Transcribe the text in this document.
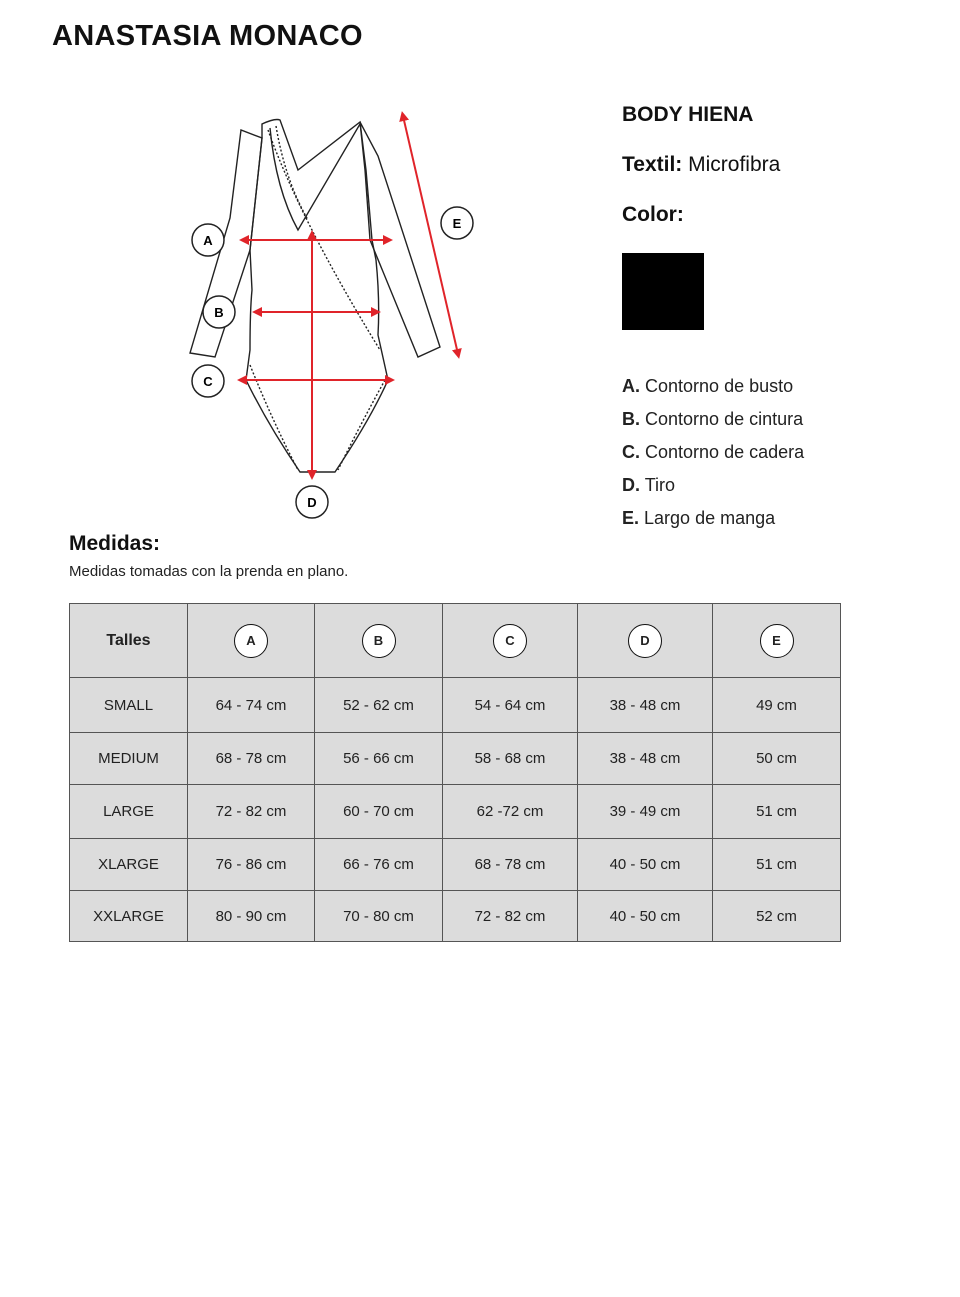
ANASTASIA MONACO
A
B
C
D
E
BODY HIENA
Textil: Microfibra
Color:
A. Contorno de busto
B. Contorno de cintura
C. Contorno de cadera
D. Tiro
E. Largo de manga
Medidas:
Medidas tomadas con la prenda en plano.
Talles	A	B	C	D	E
SMALL	64 - 74 cm	52 - 62 cm	54 - 64 cm	38 - 48 cm	49 cm
MEDIUM	68 - 78 cm	56 - 66 cm	58 - 68 cm	38 - 48 cm	50 cm
LARGE	72 - 82 cm	60 - 70 cm	62 -72 cm	39 - 49 cm	51 cm
XLARGE	76 - 86 cm	66 - 76 cm	68 - 78 cm	40 - 50 cm	51 cm
XXLARGE	80 - 90 cm	70 - 80 cm	72 - 82 cm	40 - 50 cm	52 cm
